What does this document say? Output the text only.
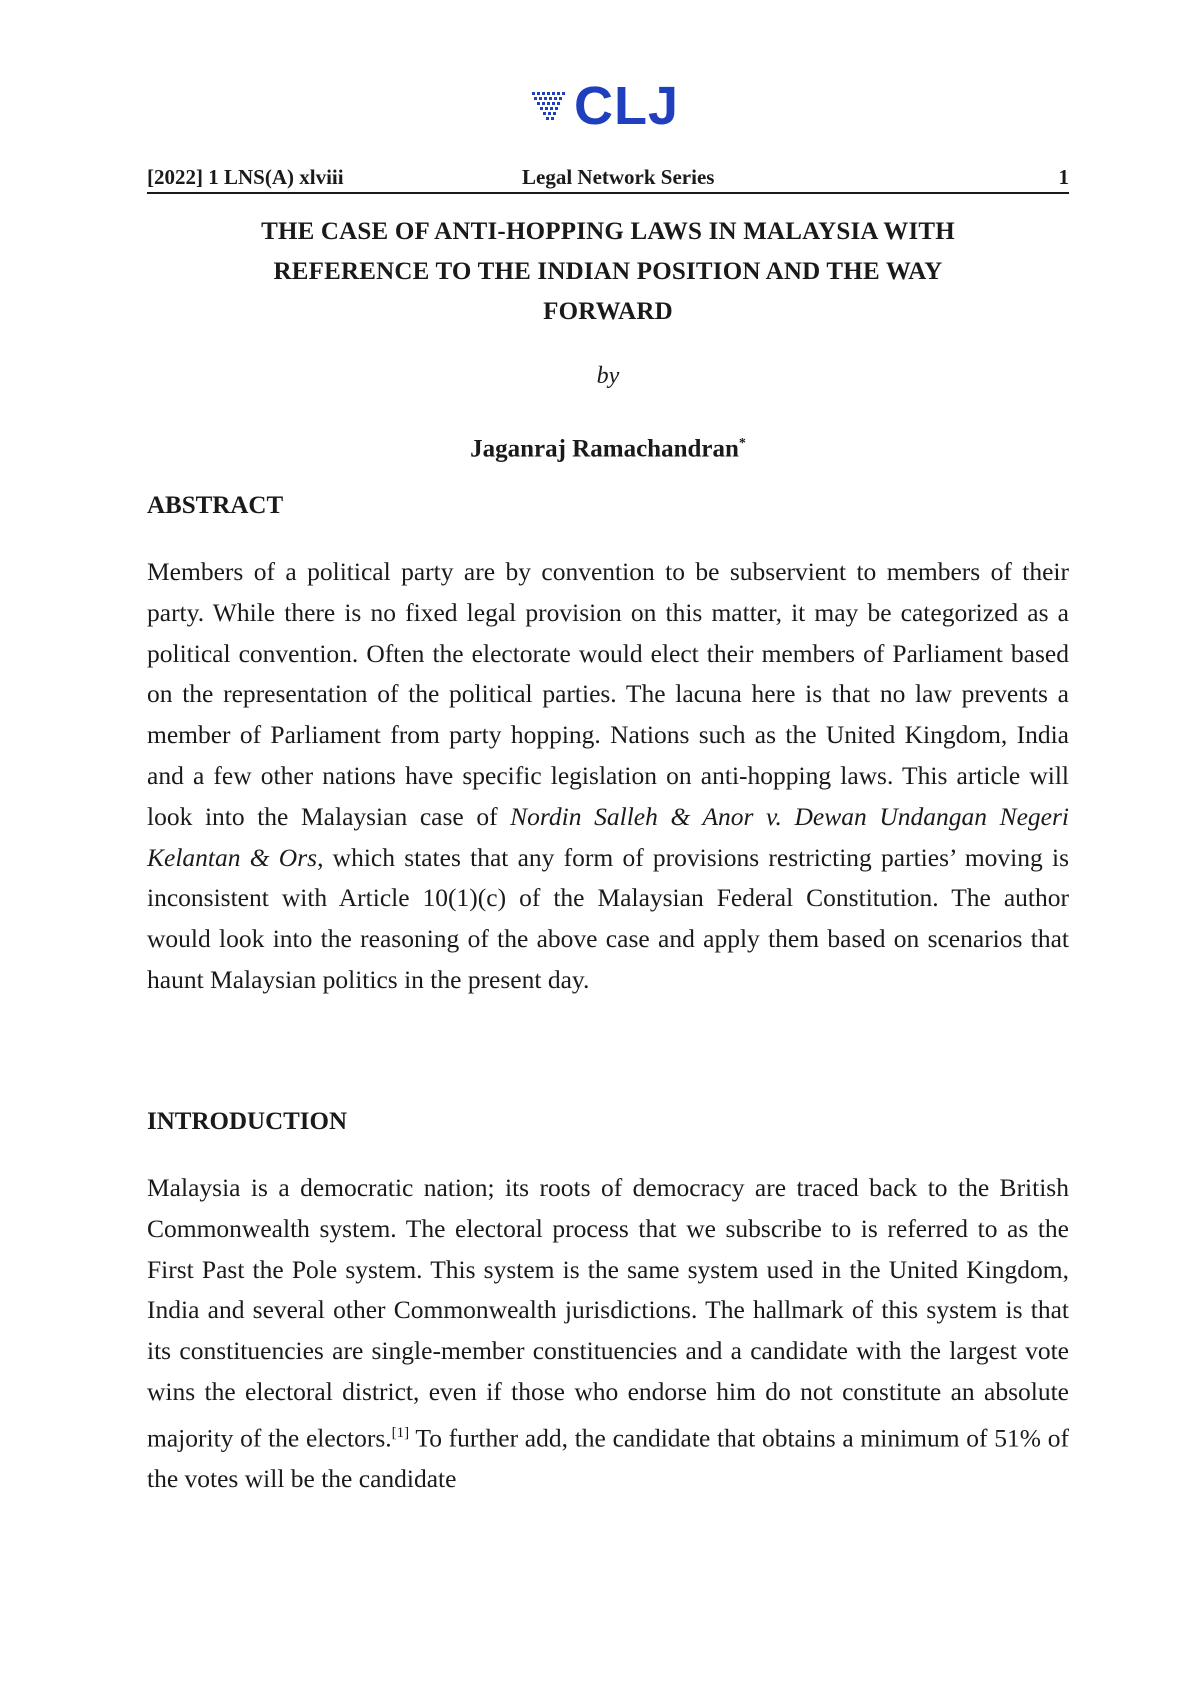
CLJ
[2022] 1 LNS(A) xlviii	Legal Network Series	1
THE CASE OF ANTI-HOPPING LAWS IN MALAYSIA WITH
REFERENCE TO THE INDIAN POSITION AND THE WAY
FORWARD
by
Jaganraj Ramachandran*
ABSTRACT
Members of a political party are by convention to be subservient to members of their party. While there is no fixed legal provision on this matter, it may be categorized as a political convention. Often the electorate would elect their members of Parliament based on the representation of the political parties. The lacuna here is that no law prevents a member of Parliament from party hopping. Nations such as the United Kingdom, India and a few other nations have specific legislation on anti-hopping laws. This article will look into the Malaysian case of Nordin Salleh & Anor v. Dewan Undangan Negeri Kelantan & Ors, which states that any form of provisions restricting parties’ moving is inconsistent with Article 10(1)(c) of the Malaysian Federal Constitution. The author would look into the reasoning of the above case and apply them based on scenarios that haunt Malaysian politics in the present day.
INTRODUCTION
Malaysia is a democratic nation; its roots of democracy are traced back to the British Commonwealth system. The electoral process that we subscribe to is referred to as the First Past the Pole system. This system is the same system used in the United Kingdom, India and several other Commonwealth jurisdictions. The hallmark of this system is that its constituencies are single-member constituencies and a candidate with the largest vote wins the electoral district, even if those who endorse him do not constitute an absolute majority of the electors.[1] To further add, the candidate that obtains a minimum of 51% of the votes will be the candidate
